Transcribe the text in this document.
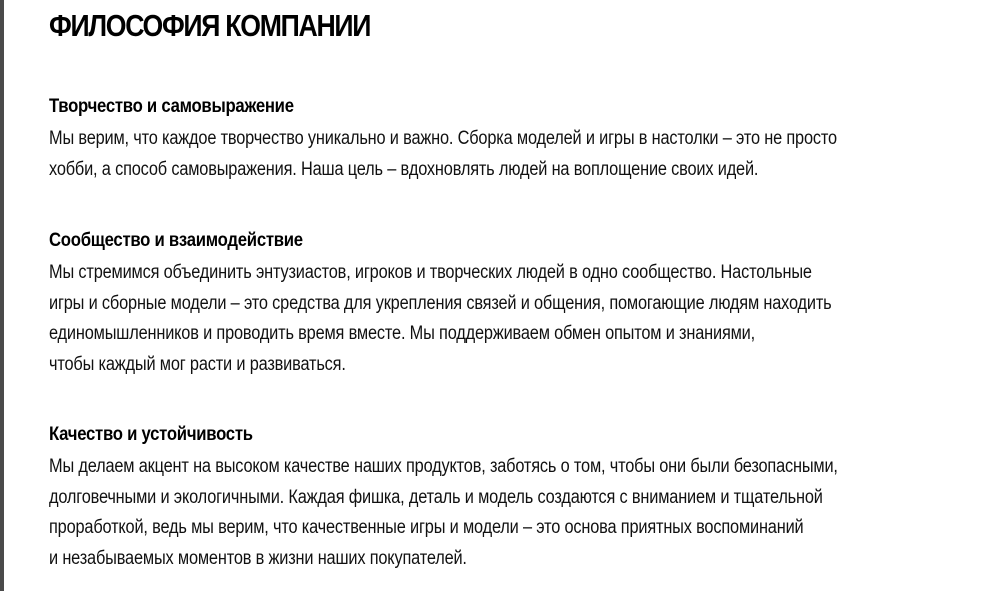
ФИЛОСОФИЯ КОМПАНИИ
Творчество и самовыражение

Мы верим, что каждое творчество уникально и важно. Сборка моделей и игры в настолки – это не просто
хобби, а способ самовыражения. Наша цель – вдохновлять людей на воплощение своих идей.

Сообщество и взаимодействие

Мы стремимся объединить энтузиастов, игроков и творческих людей в одно сообщество. Настольные
игры и сборные модели – это средства для укрепления связей и общения, помогающие людям находить
единомышленников и проводить время вместе. Мы поддерживаем обмен опытом и знаниями,
чтобы каждый мог расти и развиваться.

Качество и устойчивость

Мы делаем акцент на высоком качестве наших продуктов, заботясь о том, чтобы они были безопасными,
долговечными и экологичными. Каждая фишка, деталь и модель создаются с вниманием и тщательной
проработкой, ведь мы верим, что качественные игры и модели – это основа приятных воспоминаний
и незабываемых моментов в жизни наших покупателей.
